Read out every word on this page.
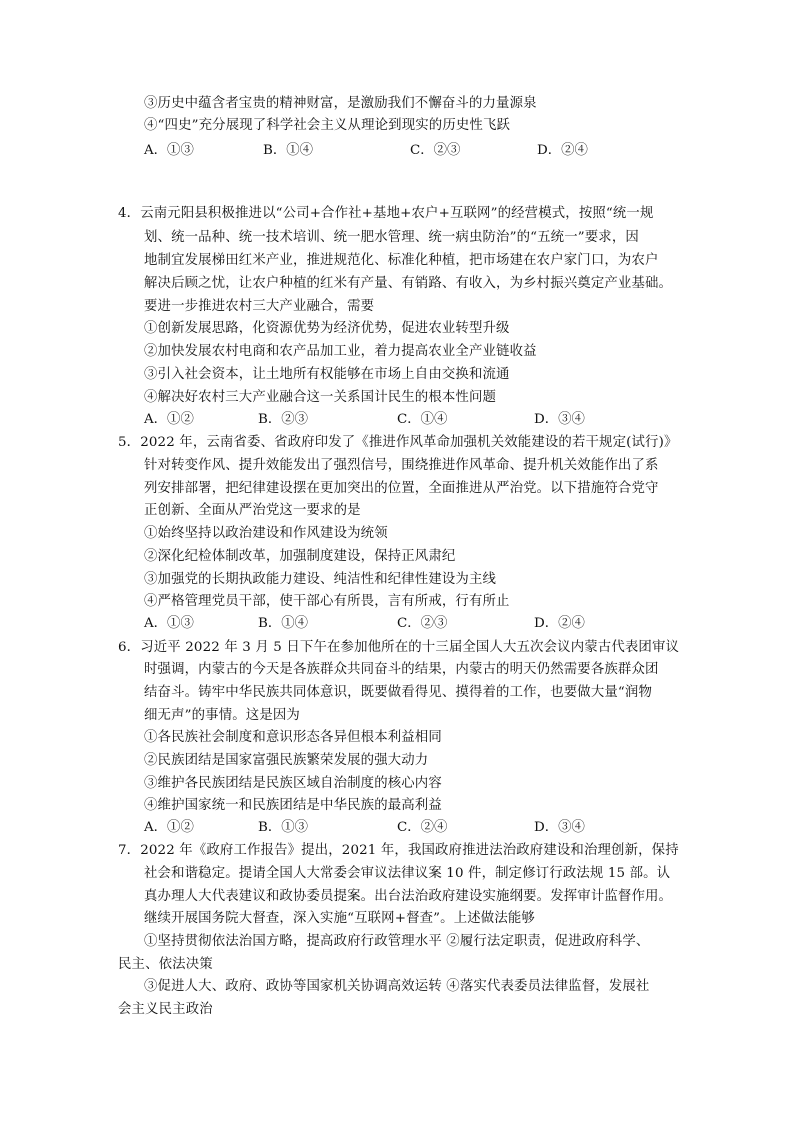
③历史中蕴含者宝贵的精神财富，是激励我们不懈奋斗的力量源泉
④“四史”充分展现了科学社会主义从理论到现实的历史性飞跃
A．①③	B．①④	C．②③	D．②④
4．云南元阳县积极推进以“公司+合作社+基地+农户+互联网”的经营模式，按照“统一规
划、统一品种、统一技术培训、统一肥水管理、统一病虫防治”的“五统一”要求，因
地制宜发展梯田红米产业，推进规范化、标准化种植，把市场建在农户家门口，为农户
解决后顾之忧，让农户种植的红米有产量、有销路、有收入，为乡村振兴奠定产业基础。
要进一步推进农村三大产业融合，需要
①创新发展思路，化资源优势为经济优势，促进农业转型升级
②加快发展农村电商和农产品加工业，着力提高农业全产业链收益
③引入社会资本，让土地所有权能够在市场上自由交换和流通
④解决好农村三大产业融合这一关系国计民生的根本性问题
A．①②	B．②③	C．①④	D．③④
5．2022 年，云南省委、省政府印发了《推进作风革命加强机关效能建设的若干规定(试行)》
针对转变作风、提升效能发出了强烈信号，围绕推进作风革命、提升机关效能作出了系
列安排部署，把纪律建设摆在更加突出的位置，全面推进从严治党。以下措施符合党守
正创新、全面从严治党这一要求的是
①始终坚持以政治建设和作风建设为统领
②深化纪检体制改革，加强制度建设，保持正风肃纪
③加强党的长期执政能力建设、纯洁性和纪律性建设为主线
④严格管理党员干部，使干部心有所畏，言有所戒，行有所止
A．①③	B．①④	C．②③	D．②④
6．习近平 2022 年 3 月 5 日下午在参加他所在的十三届全国人大五次会议内蒙古代表团审议
时强调，内蒙古的今天是各族群众共同奋斗的结果，内蒙古的明天仍然需要各族群众团
结奋斗。铸牢中华民族共同体意识，既要做看得见、摸得着的工作，也要做大量“润物
细无声”的事情。这是因为
①各民族社会制度和意识形态各异但根本利益相同
②民族团结是国家富强民族繁荣发展的强大动力
③维护各民族团结是民族区域自治制度的核心内容
④维护国家统一和民族团结是中华民族的最高利益
A．①②	B．①③	C．②④	D．③④
7．2022 年《政府工作报告》提出，2021 年，我国政府推进法治政府建设和治理创新，保持
社会和谐稳定。提请全国人大常委会审议法律议案 10 件，制定修订行政法规 15 部。认
真办理人大代表建议和政协委员提案。出台法治政府建设实施纲要。发挥审计监督作用。
继续开展国务院大督查，深入实施“互联网+督查”。上述做法能够
①坚持贯彻依法治国方略，提高政府行政管理水平 ②履行法定职责，促进政府科学、
民主、依法决策
③促进人大、政府、政协等国家机关协调高效运转 ④落实代表委员法律监督，发展社
会主义民主政治
